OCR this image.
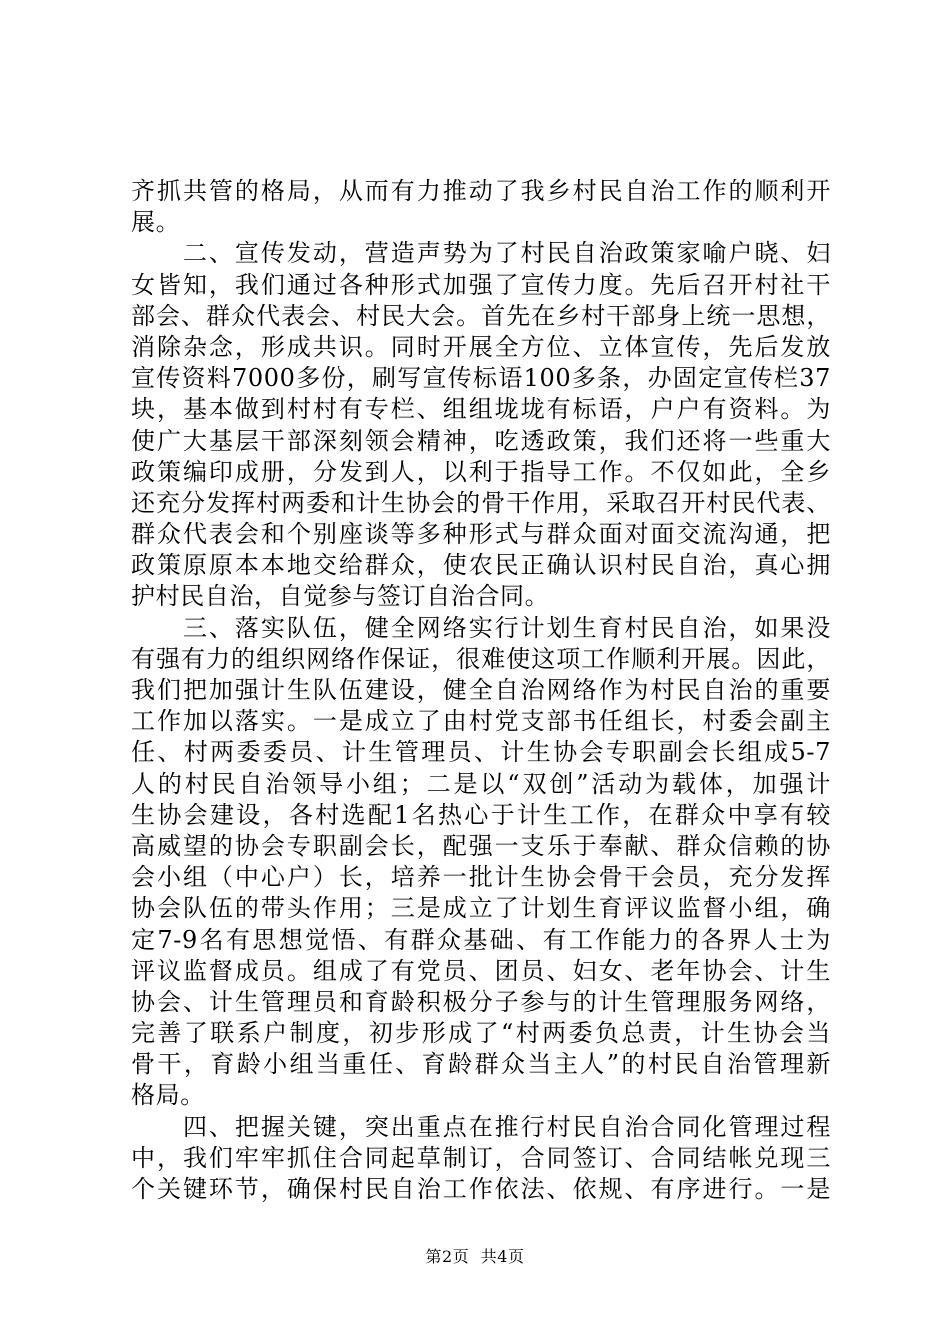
齐抓共管的格局，从而有力推动了我乡村民自治工作的顺利开
展。
　　二、宣传发动，营造声势为了村民自治政策家喻户晓、妇
女皆知，我们通过各种形式加强了宣传力度。先后召开村社干
部会、群众代表会、村民大会。首先在乡村干部身上统一思想，
消除杂念，形成共识。同时开展全方位、立体宣传，先后发放
宣传资料7000多份，刷写宣传标语100多条，办固定宣传栏37
块，基本做到村村有专栏、组组垅垅有标语，户户有资料。为
使广大基层干部深刻领会精神，吃透政策，我们还将一些重大
政策编印成册，分发到人，以利于指导工作。不仅如此，全乡
还充分发挥村两委和计生协会的骨干作用，采取召开村民代表、
群众代表会和个别座谈等多种形式与群众面对面交流沟通，把
政策原原本本地交给群众，使农民正确认识村民自治，真心拥
护村民自治，自觉参与签订自治合同。
　　三、落实队伍，健全网络实行计划生育村民自治，如果没
有强有力的组织网络作保证，很难使这项工作顺利开展。因此，
我们把加强计生队伍建设，健全自治网络作为村民自治的重要
工作加以落实。一是成立了由村党支部书任组长，村委会副主
任、村两委委员、计生管理员、计生协会专职副会长组成5-7
人的村民自治领导小组；二是以“双创”活动为载体，加强计
生协会建设，各村选配1名热心于计生工作，在群众中享有较
高威望的协会专职副会长，配强一支乐于奉献、群众信赖的协
会小组（中心户）长，培养一批计生协会骨干会员，充分发挥
协会队伍的带头作用；三是成立了计划生育评议监督小组，确
定7-9名有思想觉悟、有群众基础、有工作能力的各界人士为
评议监督成员。组成了有党员、团员、妇女、老年协会、计生
协会、计生管理员和育龄积极分子参与的计生管理服务网络，
完善了联系户制度，初步形成了“村两委负总责，计生协会当
骨干，育龄小组当重任、育龄群众当主人”的村民自治管理新
格局。
　　四、把握关键，突出重点在推行村民自治合同化管理过程
中，我们牢牢抓住合同起草制订，合同签订、合同结帐兑现三
个关键环节，确保村民自治工作依法、依规、有序进行。一是
第2页 共4页
